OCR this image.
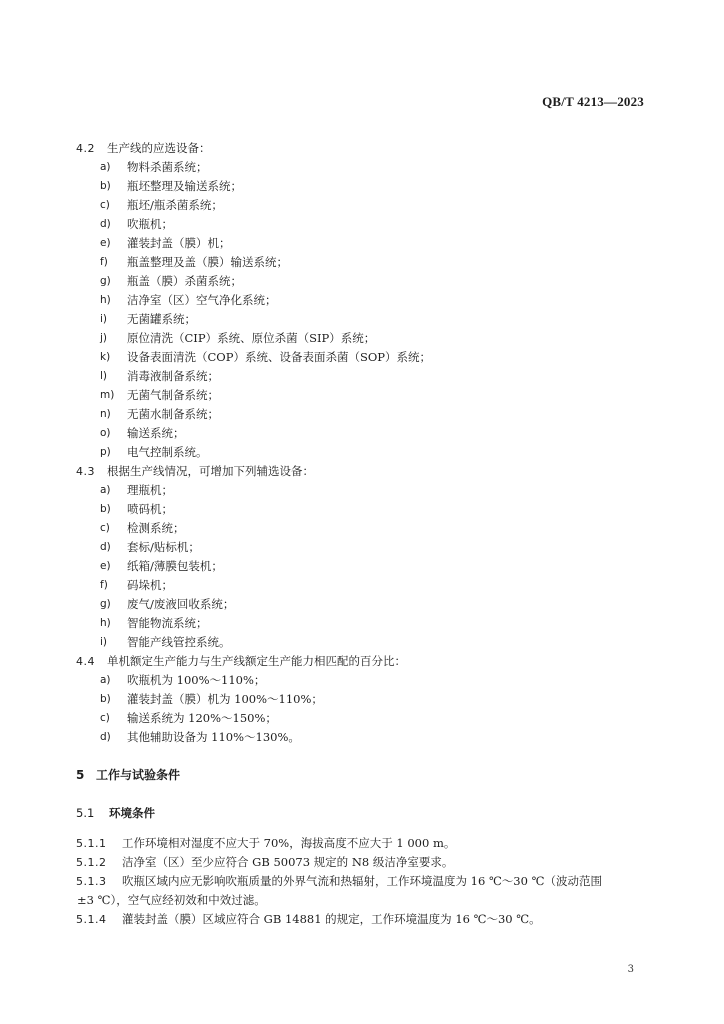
QB/T 4213—2023
4.2 生产线的应选设备：
a) 物料杀菌系统；
b) 瓶坯整理及输送系统；
c) 瓶坯/瓶杀菌系统；
d) 吹瓶机；
e) 灌装封盖（膜）机；
f) 瓶盖整理及盖（膜）输送系统；
g) 瓶盖（膜）杀菌系统；
h) 洁净室（区）空气净化系统；
i) 无菌罐系统；
j) 原位清洗（CIP）系统、原位杀菌（SIP）系统；
k) 设备表面清洗（COP）系统、设备表面杀菌（SOP）系统；
l) 消毒液制备系统；
m) 无菌气制备系统；
n) 无菌水制备系统；
o) 输送系统；
p) 电气控制系统。
4.3 根据生产线情况，可增加下列辅选设备：
a) 理瓶机；
b) 喷码机；
c) 检测系统；
d) 套标/贴标机；
e) 纸箱/薄膜包装机；
f) 码垛机；
g) 废气/废液回收系统；
h) 智能物流系统；
i) 智能产线管控系统。
4.4 单机额定生产能力与生产线额定生产能力相匹配的百分比：
a) 吹瓶机为 100%～110%；
b) 灌装封盖（膜）机为 100%～110%；
c) 输送系统为 120%～150%；
d) 其他辅助设备为 110%～130%。
5 工作与试验条件
5.1 环境条件
5.1.1 工作环境相对湿度不应大于 70%，海拔高度不应大于 1 000 m。
5.1.2 洁净室（区）至少应符合 GB 50073 规定的 N8 级洁净室要求。
5.1.3 吹瓶区域内应无影响吹瓶质量的外界气流和热辐射，工作环境温度为 16 ℃～30 ℃（波动范围
±3 ℃），空气应经初效和中效过滤。
5.1.4 灌装封盖（膜）区域应符合 GB 14881 的规定，工作环境温度为 16 ℃～30 ℃。
3
